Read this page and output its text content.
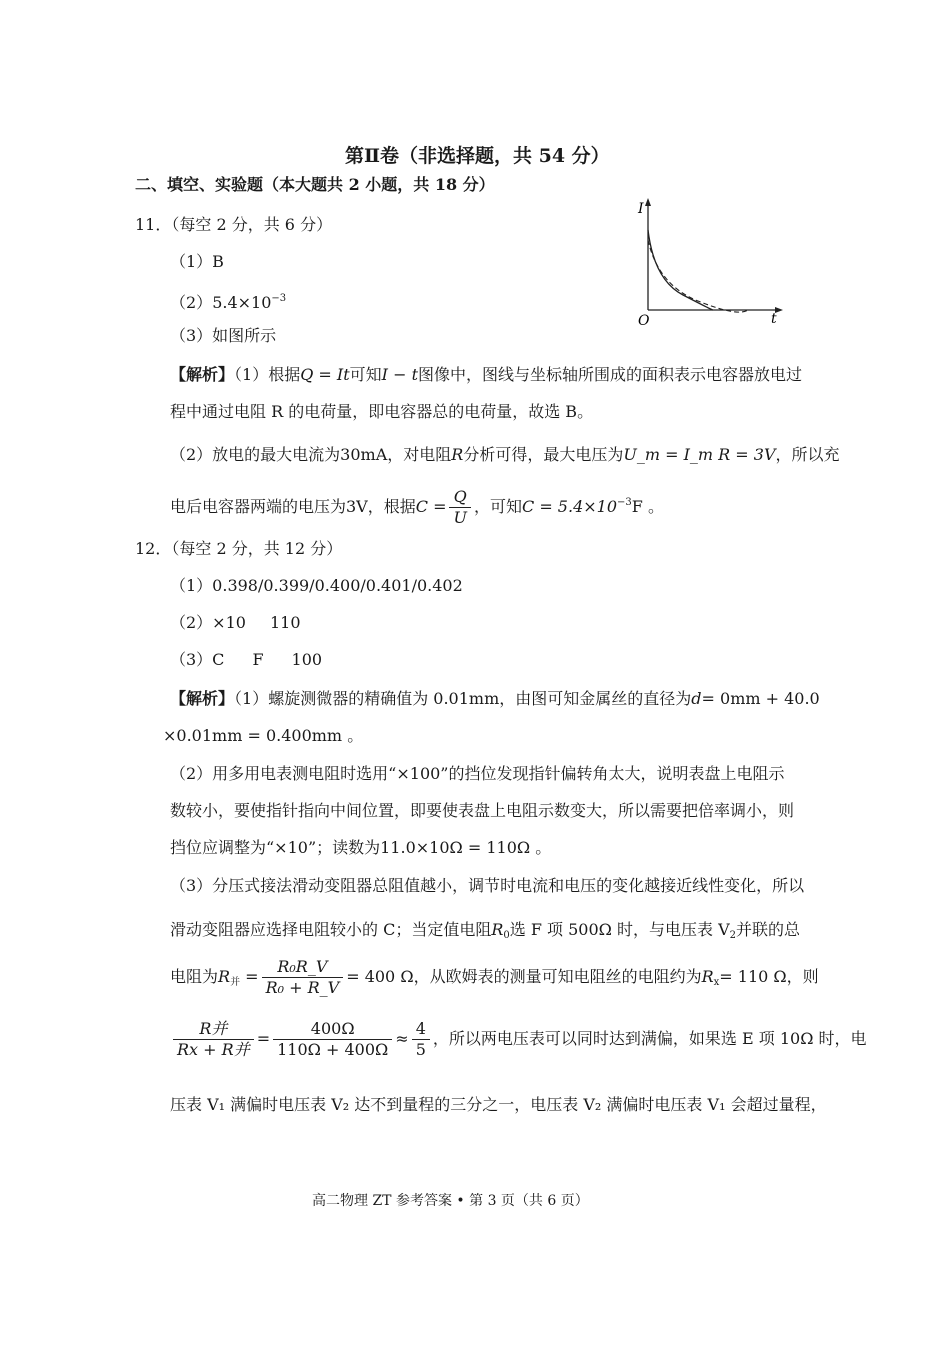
第Ⅱ卷（非选择题，共 54 分）
二、填空、实验题（本大题共 2 小题，共 18 分）
11．（每空 2 分，共 6 分）
（1）B
$(2)5.4\times 10^{-3}$
（3）如图所示
I
t
O
【解析】（1）根据Q = It可知I − t图像中，图线与坐标轴所围成的面积表示电容器放电过
程中通过电阻 R 的电荷量，即电容器总的电荷量，故选 B。
（2）放电的最大电流为30mA，对电阻R分析可得，最大电压为U_m = I_m R = 3V，所以充
电后电容器两端的电压为3V，根据$C = \frac{Q}{U}$ ，可知$C = 5.4\times 10^{-3}F$ 。
12．（每空 2 分，共 12 分）
（1）0.398/0.399/0.400/0.401/0.402
（2）×10 110
（3）C F 100
【解析】（1）螺旋测微器的精确值为 0.01mm，由图可知金属丝的直径为d= 0mm + 40.0
×0.01mm = 0.400mm 。
（2）用多用电表测电阻时选用“×100”的挡位发现指针偏转角太大，说明表盘上电阻示
数较小，要使指针指向中间位置，即要使表盘上电阻示数变大，所以需要把倍率调小，则
挡位应调整为“×10”；读数为11.0×10Ω = 110Ω 。
（3）分压式接法滑动变阻器总阻值越小，调节时电流和电压的变化越接近线性变化，所以
滑动变阻器应选择电阻较小的 C；当定值电阻$R_0$选 F 项 500Ω 时，与电压表 $V_2$并联的总
电阻为$R_并 = \frac{\text{R₀R\_V}}{\text{R₀ + R\_V}} = 400$ Ω，从欧姆表的测量可知电阻丝的电阻约为$R_x= 110$ Ω，则
$\frac{\text{R并}}{\text{Rx + R并}} = \frac{400\Omega}{110\Omega + 400\Omega} \approx \frac{4}{5}$ ，所以两电压表可以同时达到满偏，如果选 E 项 10Ω 时，电
压表 V₁ 满偏时电压表 V₂ 达不到量程的三分之一，电压表 V₂ 满偏时电压表 V₁ 会超过量程，
高二物理 ZT 参考答案 • 第 3 页（共 6 页）
